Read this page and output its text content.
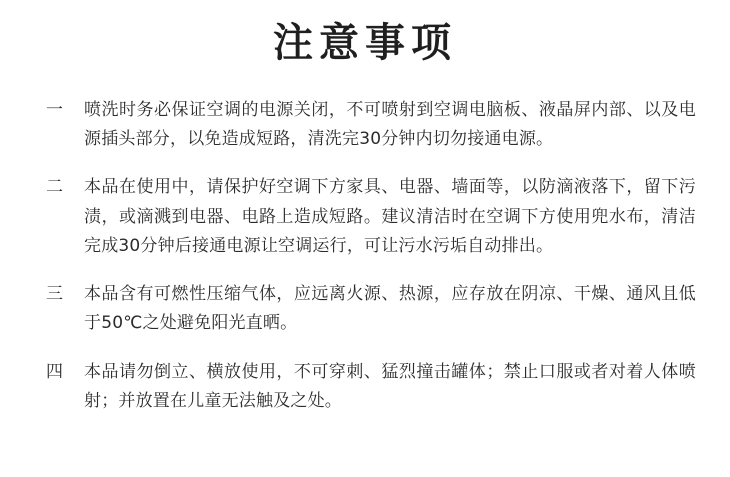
注意事项
一	喷洗时务必保证空调的电源关闭，不可喷射到空调电脑板、液晶屏内部、以及电源插头部分，以免造成短路，清洗完30分钟内切勿接通电源。
二	本品在使用中，请保护好空调下方家具、电器、墙面等，以防滴液落下，留下污渍，或滴溅到电器、电路上造成短路。建议清洁时在空调下方使用兜水布，清洁完成30分钟后接通电源让空调运行，可让污水污垢自动排出。
三	本品含有可燃性压缩气体，应远离火源、热源，应存放在阴凉、干燥、通风且低于50℃之处避免阳光直晒。
四	本品请勿倒立、横放使用，不可穿刺、猛烈撞击罐体；禁止口服或者对着人体喷射；并放置在儿童无法触及之处。
